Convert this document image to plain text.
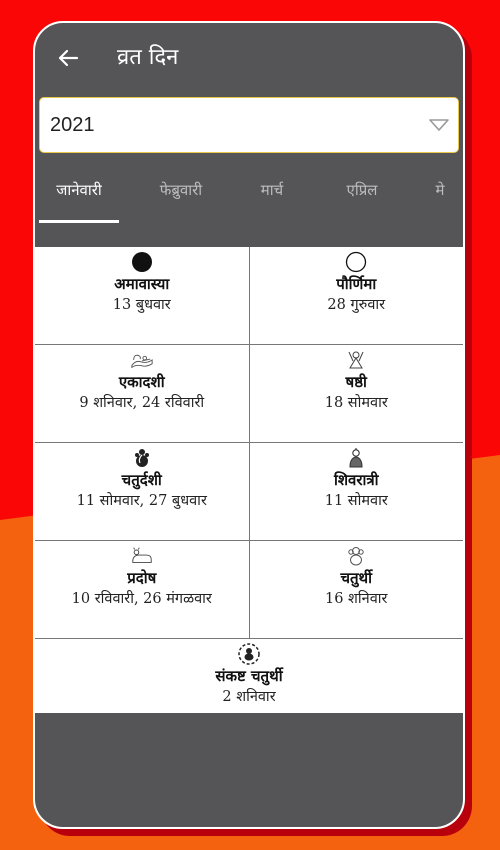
व्रत दिन
2021
जानेवारी	फेब्रुवारी	मार्च	एप्रिल	मे
अमावास्या
13 बुधवार
पौर्णिमा
28 गुरुवार
एकादशी
9 शनिवार, 24 रविवारी
षष्ठी
18 सोमवार
चतुर्दशी
11 सोमवार, 27 बुधवार
शिवरात्री
11 सोमवार
प्रदोष
10 रविवारी, 26 मंगळवार
चतुर्थी
16 शनिवार
संकष्ट चतुर्थी
2 शनिवार
